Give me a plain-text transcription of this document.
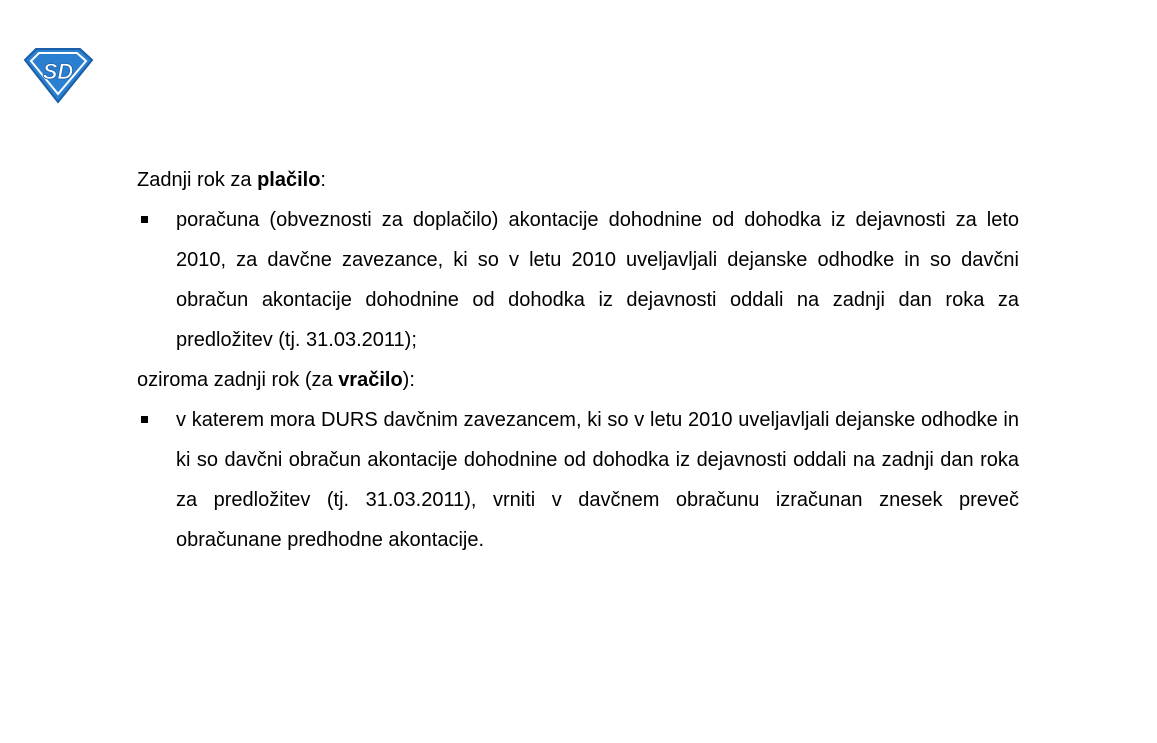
SD

Zadnji rok za plačilo:

poračuna (obveznosti za doplačilo) akontacije dohodnine od dohodka iz dejavnosti za leto 2010, za davčne zavezance, ki so v letu 2010 uveljavljali dejanske odhodke in so davčni obračun akontacije dohodnine od dohodka iz dejavnosti oddali na zadnji dan roka za predložitev (tj. 31.03.2011);

oziroma zadnji rok (za vračilo):

v katerem mora DURS davčnim zavezancem, ki so v letu 2010 uveljavljali dejanske odhodke in ki so davčni obračun akontacije dohodnine od dohodka iz dejavnosti oddali na zadnji dan roka za predložitev (tj. 31.03.2011), vrniti v davčnem obračunu izračunan znesek preveč obračunane predhodne akontacije.
